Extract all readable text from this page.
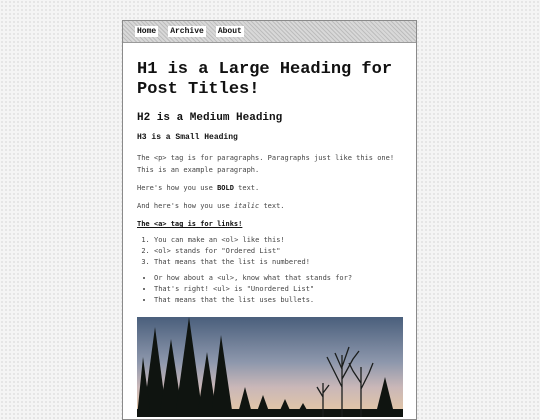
Home Archive About
H1 is a Large Heading for Post Titles!
H2 is a Medium Heading
H3 is a Small Heading

The <p> tag is for paragraphs. Paragraphs just like this one! This is an example paragraph.

Here's how you use BOLD text.

And here's how you use italic text.

The <a> tag is for links!

1. You can make an <ol> like this!
2. <ol> stands for "Ordered List"
3. That means that the list is numbered!
• Or how about a <ul>, know what that stands for?
• That's right! <ul> is "Unordered List"
• That means that the list uses bullets.
